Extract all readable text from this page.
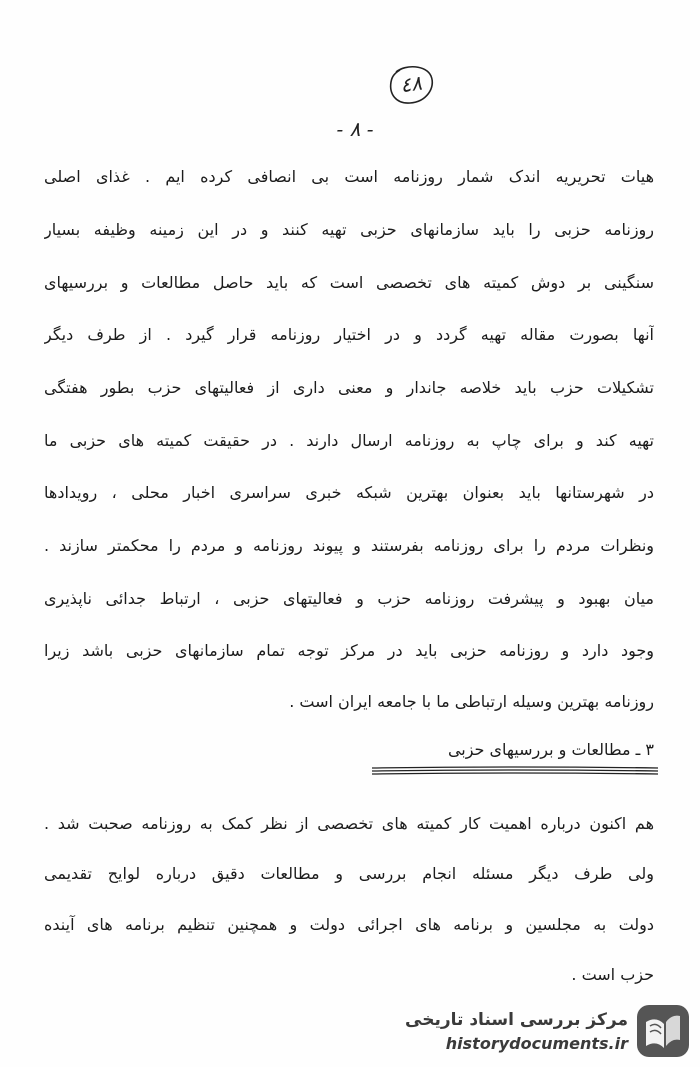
٤٨
- ٨ -
هیات تحریریه اندک شمار روزنامه است بی انصافی کرده ایم . غذای اصلی
روزنامه حزبی را باید سازمانهای حزبی تهیه کنند و در این زمینه وظیفه بسیار
سنگینی بر دوش کمیته های تخصصی است که باید حاصل مطالعات و بررسیهای
آنها بصورت مقاله تهیه گردد و در اختیار روزنامه قرار گیرد . از طرف دیگر
تشکیلات حزب باید خلاصه جاندار و معنی داری از فعالیتهای حزب بطور هفتگی
تهیه کند و برای چاپ به روزنامه ارسال دارند . در حقیقت کمیته های حزبی ما
در شهرستانها باید بعنوان بهترین شبکه خبری سراسری اخبار محلی ، رویدادها
ونظرات مردم را برای روزنامه بفرستند و پیوند روزنامه و مردم را محکمتر سازند .
میان بهبود و پیشرفت روزنامه حزب و فعالیتهای حزبی ، ارتباط جدائی ناپذیری
وجود دارد و روزنامه حزبی باید در مرکز توجه تمام سازمانهای حزبی باشد زیرا
روزنامه بهترین وسیله ارتباطی ما با جامعه ایران است .
٣ ـ مطالعات و بررسیهای حزبی
هم اکنون درباره اهمیت کار کمیته های تخصصی از نظر کمک به روزنامه صحبت شد .
ولی طرف دیگر مسئله انجام بررسی و مطالعات دقیق درباره لوایح تقدیمی
دولت به مجلسین و برنامه های اجرائی دولت و همچنین تنظیم برنامه های آینده
حزب است .
مرکز بررسی اسناد تاریخی
historydocuments.ir
